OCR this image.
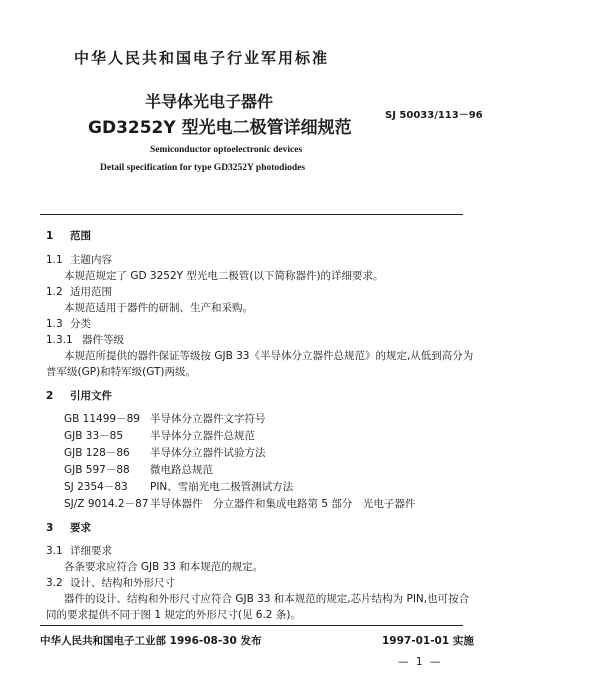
中华人民共和国电子行业军用标准
半导体光电子器件
GD3252Y 型光电二极管详细规范
SJ 50033/113－96
Semiconductor optoelectronic devices
Detail specification for type GD3252Y photodiodes
1 范围
1.1 主题内容
本规范规定了 GD 3252Y 型光电二极管(以下简称器件)的详细要求。
1.2 适用范围
本规范适用于器件的研制、生产和采购。
1.3 分类
1.3.1 器件等级
本规范所提供的器件保证等级按 GJB 33《半导体分立器件总规范》的规定,从低到高分为
普军级(GP)和特军级(GT)两级。
2 引用文件
GB 11499－89 半导体分立器件文字符号
GJB 33－85	半导体分立器件总规范
GJB 128－86 半导体分立器件试验方法
GJB 597－88 微电路总规范
SJ 2354－83 PIN、雪崩光电二极管测试方法
SJ/Z 9014.2－87 半导体器件　分立器件和集成电路第 5 部分　光电子器件
3 要求
3.1 详细要求
各条要求应符合 GJB 33 和本规范的规定。
3.2 设计、结构和外形尺寸
器件的设计、结构和外形尺寸应符合 GJB 33 和本规范的规定,芯片结构为 PIN,也可按合
同的要求提供不同于图 1 规定的外形尺寸(见 6.2 条)。
中华人民共和国电子工业部 1996-08-30 发布	1997-01-01 实施
— 1 —
